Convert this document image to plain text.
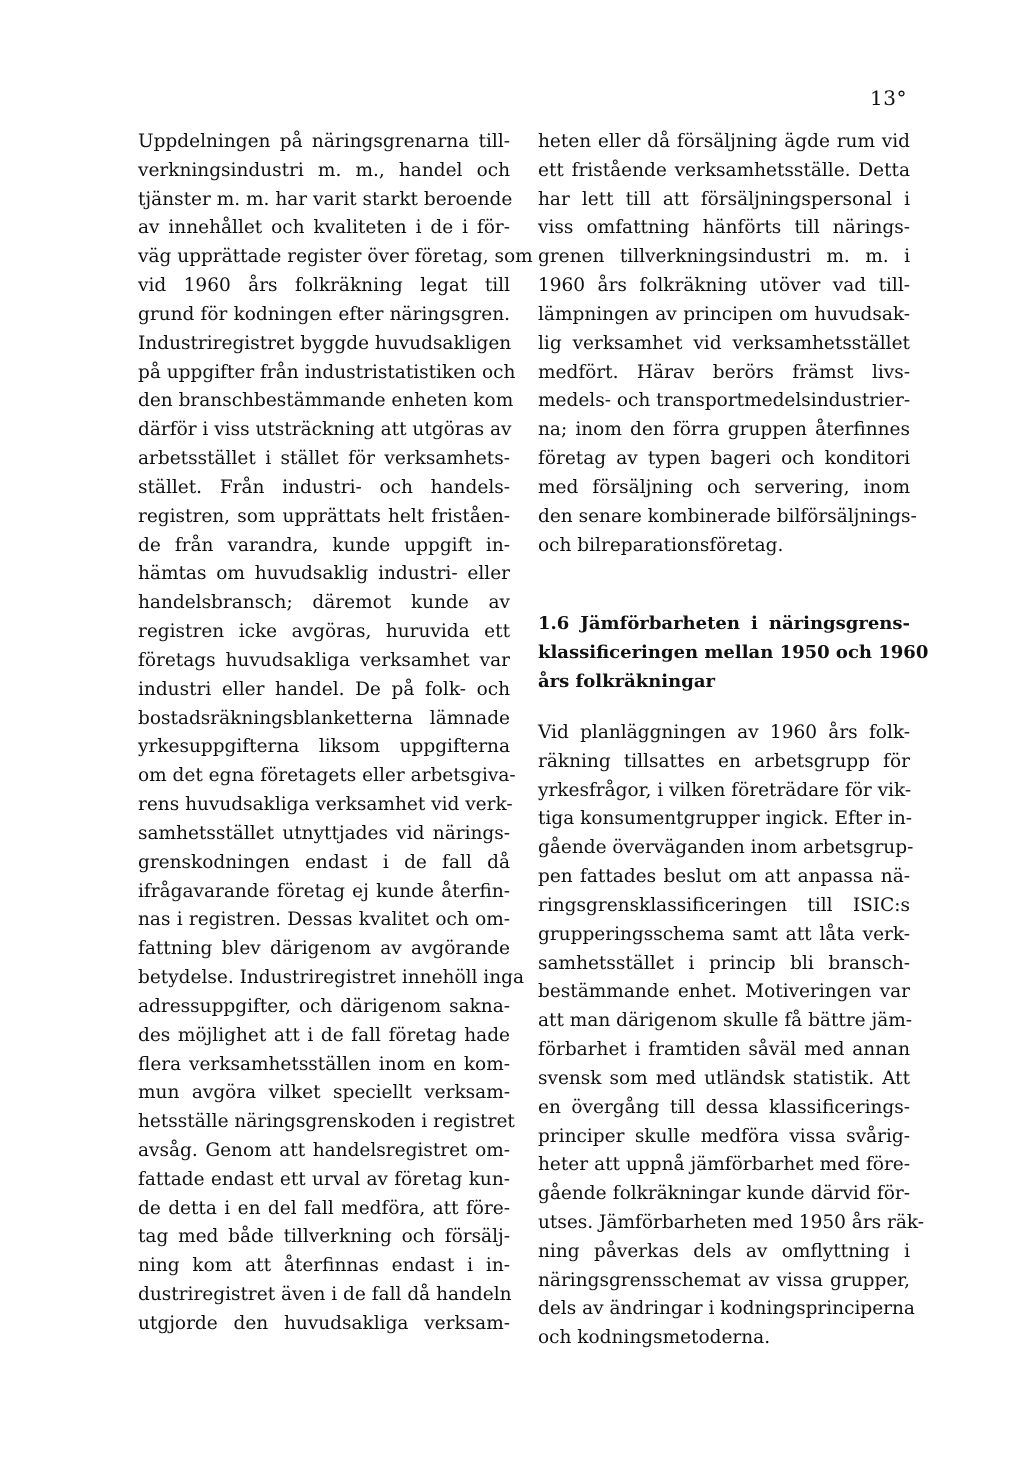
13°
Uppdelningen på näringsgrenarna till-
verkningsindustri m. m., handel och
tjänster m. m. har varit starkt beroende
av innehållet och kvaliteten i de i för-
väg upprättade register över företag, som
vid 1960 års folkräkning legat till
grund för kodningen efter näringsgren.
Industriregistret byggde huvudsakligen
på uppgifter från industristatistiken och
den branschbestämmande enheten kom
därför i viss utsträckning att utgöras av
arbetsstället i stället för verksamhets-
stället. Från industri- och handels-
registren, som upprättats helt friståen-
de från varandra, kunde uppgift in-
hämtas om huvudsaklig industri- eller
handelsbransch; däremot kunde av
registren icke avgöras, huruvida ett
företags huvudsakliga verksamhet var
industri eller handel. De på folk- och
bostadsräkningsblanketterna lämnade
yrkesuppgifterna liksom uppgifterna
om det egna företagets eller arbetsgiva-
rens huvudsakliga verksamhet vid verk-
samhetsstället utnyttjades vid närings-
grenskodningen endast i de fall då
ifrågavarande företag ej kunde återfin-
nas i registren. Dessas kvalitet och om-
fattning blev därigenom av avgörande
betydelse. Industriregistret innehöll inga
adressuppgifter, och därigenom sakna-
des möjlighet att i de fall företag hade
flera verksamhetsställen inom en kom-
mun avgöra vilket speciellt verksam-
hetsställe näringsgrenskoden i registret
avsåg. Genom att handelsregistret om-
fattade endast ett urval av företag kun-
de detta i en del fall medföra, att före-
tag med både tillverkning och försälj-
ning kom att återfinnas endast i in-
dustriregistret även i de fall då handeln
utgjorde den huvudsakliga verksam-
heten eller då försäljning ägde rum vid
ett fristående verksamhetsställe. Detta
har lett till att försäljningspersonal i
viss omfattning hänförts till närings-
grenen tillverkningsindustri m. m. i
1960 års folkräkning utöver vad till-
lämpningen av principen om huvudsak-
lig verksamhet vid verksamhetsstället
medfört. Härav berörs främst livs-
medels- och transportmedelsindustrier-
na; inom den förra gruppen återfinnes
företag av typen bageri och konditori
med försäljning och servering, inom
den senare kombinerade bilförsäljnings-
och bilreparationsföretag.
1.6 Jämförbarheten i näringsgrens-
klassificeringen mellan 1950 och 1960
års folkräkningar
Vid planläggningen av 1960 års folk-
räkning tillsattes en arbetsgrupp för
yrkesfrågor, i vilken företrädare för vik-
tiga konsumentgrupper ingick. Efter in-
gående överväganden inom arbetsgrup-
pen fattades beslut om att anpassa nä-
ringsgrensklassificeringen till ISIC:s
grupperingsschema samt att låta verk-
samhetsstället i princip bli bransch-
bestämmande enhet. Motiveringen var
att man därigenom skulle få bättre jäm-
förbarhet i framtiden såväl med annan
svensk som med utländsk statistik. Att
en övergång till dessa klassificerings-
principer skulle medföra vissa svårig-
heter att uppnå jämförbarhet med före-
gående folkräkningar kunde därvid för-
utses. Jämförbarheten med 1950 års räk-
ning påverkas dels av omflyttning i
näringsgrensschemat av vissa grupper,
dels av ändringar i kodningsprinciperna
och kodningsmetoderna.
